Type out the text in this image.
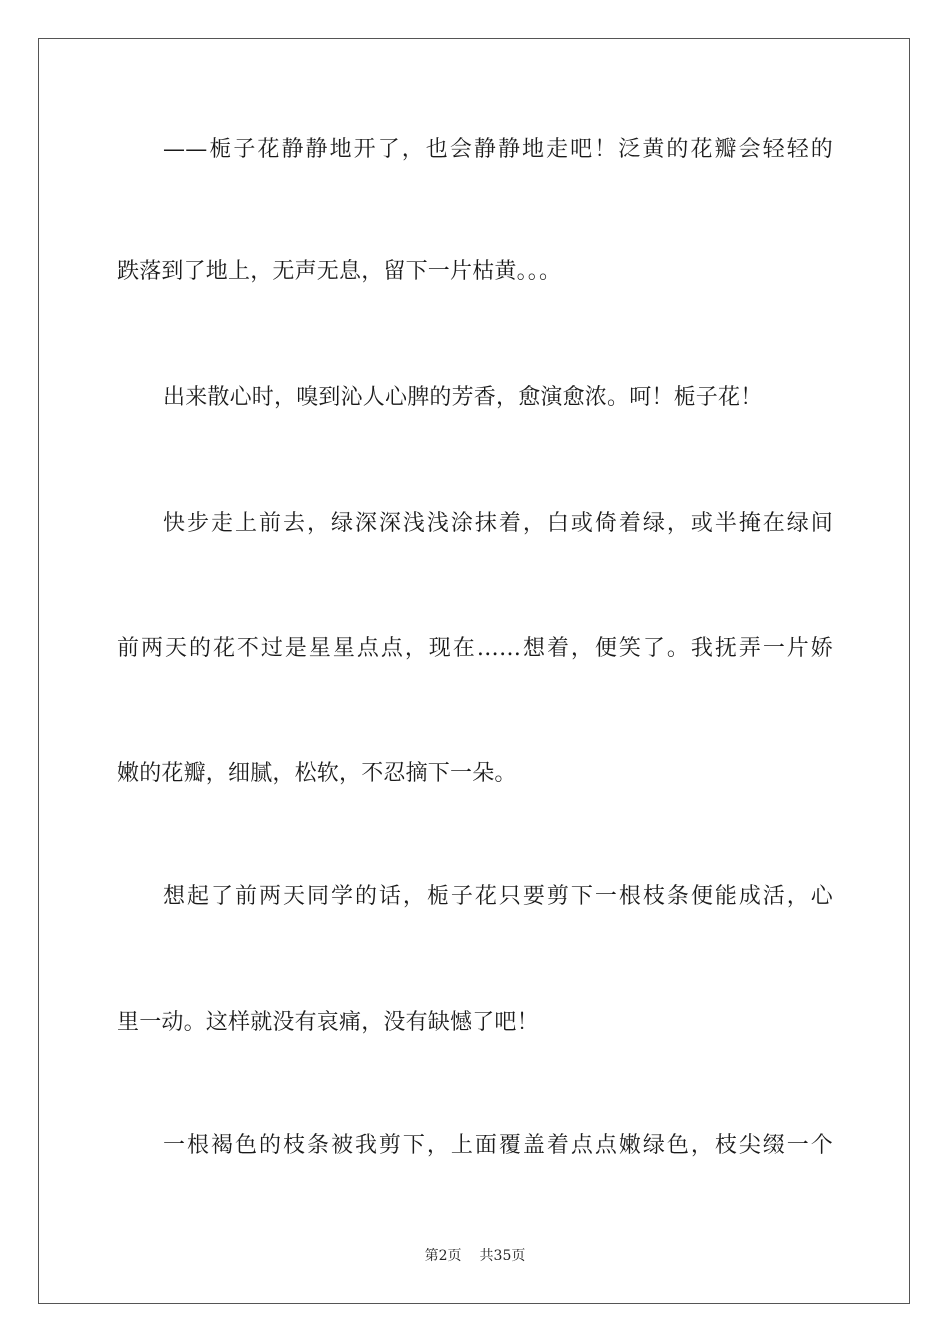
——栀子花静静地开了，也会静静地走吧！泛黄的花瓣会轻轻的
跌落到了地上，无声无息，留下一片枯黄。。。
出来散心时，嗅到沁人心脾的芳香，愈演愈浓。呵！栀子花！
快步走上前去，绿深深浅浅涂抹着，白或倚着绿，或半掩在绿间
前两天的花不过是星星点点，现在……想着，便笑了。我抚弄一片娇
嫩的花瓣，细腻，松软，不忍摘下一朵。
想起了前两天同学的话，栀子花只要剪下一根枝条便能成活，心
里一动。这样就没有哀痛，没有缺憾了吧！
一根褐色的枝条被我剪下，上面覆盖着点点嫩绿色，枝尖缀一个
第2页 共35页
